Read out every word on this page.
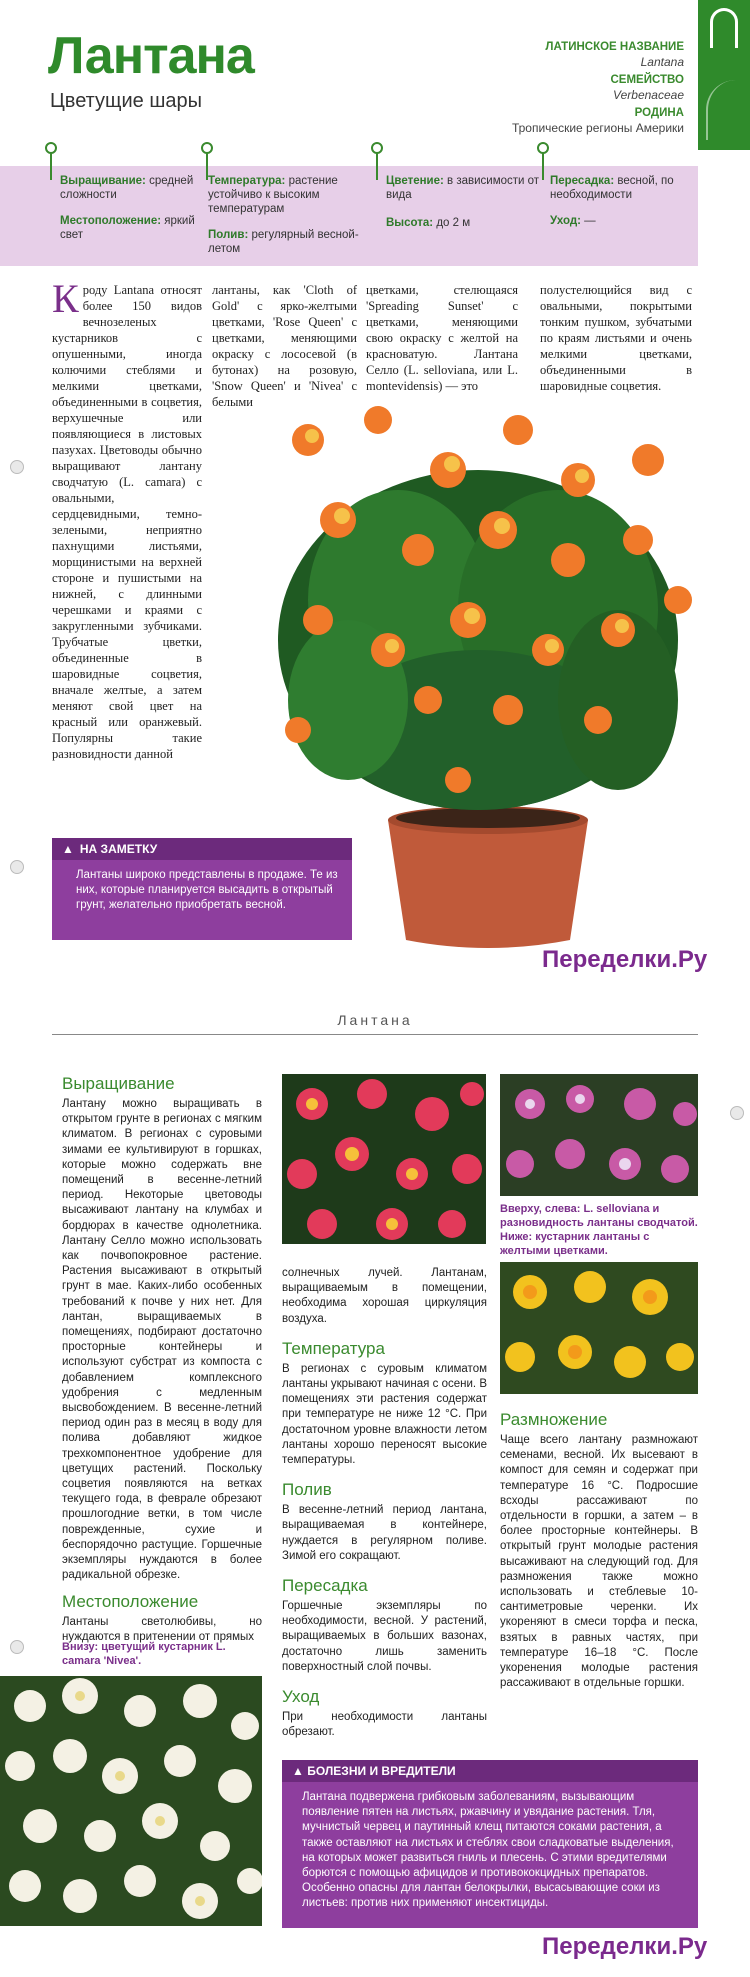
Лантана
Цветущие шары
ЛАТИНСКОЕ НАЗВАНИЕ
Lantana
СЕМЕЙСТВО
Verbenaceae
РОДИНА
Тропические регионы Америки
Выращивание: средней сложности
Местоположение: яркий свет
Температура: растение устойчиво к высоким температурам
Полив: регулярный весной-летом
Цветение: в зависимости от вида
Высота: до 2 м
Пересадка: весной, по необходимости
Уход: —
Кроду Lantana относят более 150 видов вечнозеленых кустарников с опушенными, иногда колючими стеблями и мелкими цветками, объединенными в соцветия, верхушечные или появляющиеся в листовых пазухах. Цветоводы обычно выращивают лантану сводчатую (L. camara) с овальными, сердцевидными, темно-зелеными, неприятно пахнущими листьями, морщинистыми на верхней стороне и пушистыми на нижней, с длинными черешками и краями с закругленными зубчиками. Трубчатые цветки, объединенные в шаровидные соцветия, вначале желтые, а затем меняют свой цвет на красный или оранжевый. Популярны такие разновидности данной
лантаны, как 'Cloth of Gold' с ярко-желтыми цветками, 'Rose Queen' с цветками, меняющими окраску с лососевой (в бутонах) на розовую, 'Snow Queen' и 'Nivea' с белыми
цветками, стелющаяся 'Spreading Sunset' с цветками, меняющими свою окраску с желтой на красноватую. Лантана Селло (L. selloviana, или L. montevidensis) — это
полустелющийся вид с овальными, покрытыми тонким пушком, зубчатыми по краям листьями и очень мелкими цветками, объединенными в шаровидные соцветия.
▲ НА ЗАМЕТКУ
Лантаны широко представлены в продаже. Те из них, которые планируется высадить в открытый грунт, желательно приобретать весной.
Переделки.Ру
Лантана
Выращивание
Лантану можно выращивать в открытом грунте в регионах с мягким климатом. В регионах с суровыми зимами ее культивируют в горшках, которые можно содержать вне помещений в весенне-летний период. Некоторые цветоводы высаживают лантану на клумбах и бордюрах в качестве однолетника. Лантану Селло можно использовать как почвопокровное растение. Растения высаживают в открытый грунт в мае. Каких-либо особенных требований к почве у них нет. Для лантан, выращиваемых в помещениях, подбирают достаточно просторные контейнеры и используют субстрат из компоста с добавлением комплексного удобрения с медленным высвобождением. В весенне-летний период один раз в месяц в воду для полива добавляют жидкое трехкомпонентное удобрение для цветущих растений. Поскольку соцветия появляются на ветках текущего года, в феврале обрезают прошлогодние ветки, в том числе поврежденные, сухие и беспорядочно растущие. Горшечные экземпляры нуждаются в более радикальной обрезке.
Местоположение
Лантаны светолюбивы, но нуждаются в притенении от прямых
Внизу: цветущий кустарник L. camara 'Nivea'.
Вверху, слева: L. selloviana и разновидность лантаны сводчатой. Ниже: кустарник лантаны с желтыми цветками.
солнечных лучей. Лантанам, выращиваемым в помещении, необходима хорошая циркуляция воздуха.
Температура
В регионах с суровым климатом лантаны укрывают начиная с осени. В помещениях эти растения содержат при температуре не ниже 12 °С. При достаточном уровне влажности летом лантаны хорошо переносят высокие температуры.
Полив
В весенне-летний период лантана, выращиваемая в контейнере, нуждается в регулярном поливе. Зимой его сокращают.
Пересадка
Горшечные экземпляры по необходимости, весной. У растений, выращиваемых в больших вазонах, достаточно лишь заменить поверхностный слой почвы.
Уход
При необходимости лантаны обрезают.
Размножение
Чаще всего лантану размножают семенами, весной. Их высевают в компост для семян и содержат при температуре 16 °С. Подросшие всходы рассаживают по отдельности в горшки, а затем – в более просторные контейнеры. В открытый грунт молодые растения высаживают на следующий год. Для размножения также можно использовать и стеблевые 10-сантиметровые черенки. Их укореняют в смеси торфа и песка, взятых в равных частях, при температуре 16–18 °С. После укоренения молодые растения рассаживают в отдельные горшки.
▲ БОЛЕЗНИ И ВРЕДИТЕЛИ
Лантана подвержена грибковым заболеваниям, вызывающим появление пятен на листьях, ржавчину и увядание растения. Тля, мучнистый червец и паутинный клещ питаются соками растения, а также оставляют на листьях и стеблях свои сладковатые выделения, на которых может развиться гниль и плесень. С этими вредителями борются с помощью афицидов и противококцидных препаратов. Особенно опасны для лантан белокрылки, высасывающие соки из листьев: против них применяют инсектициды.
Переделки.Ру
